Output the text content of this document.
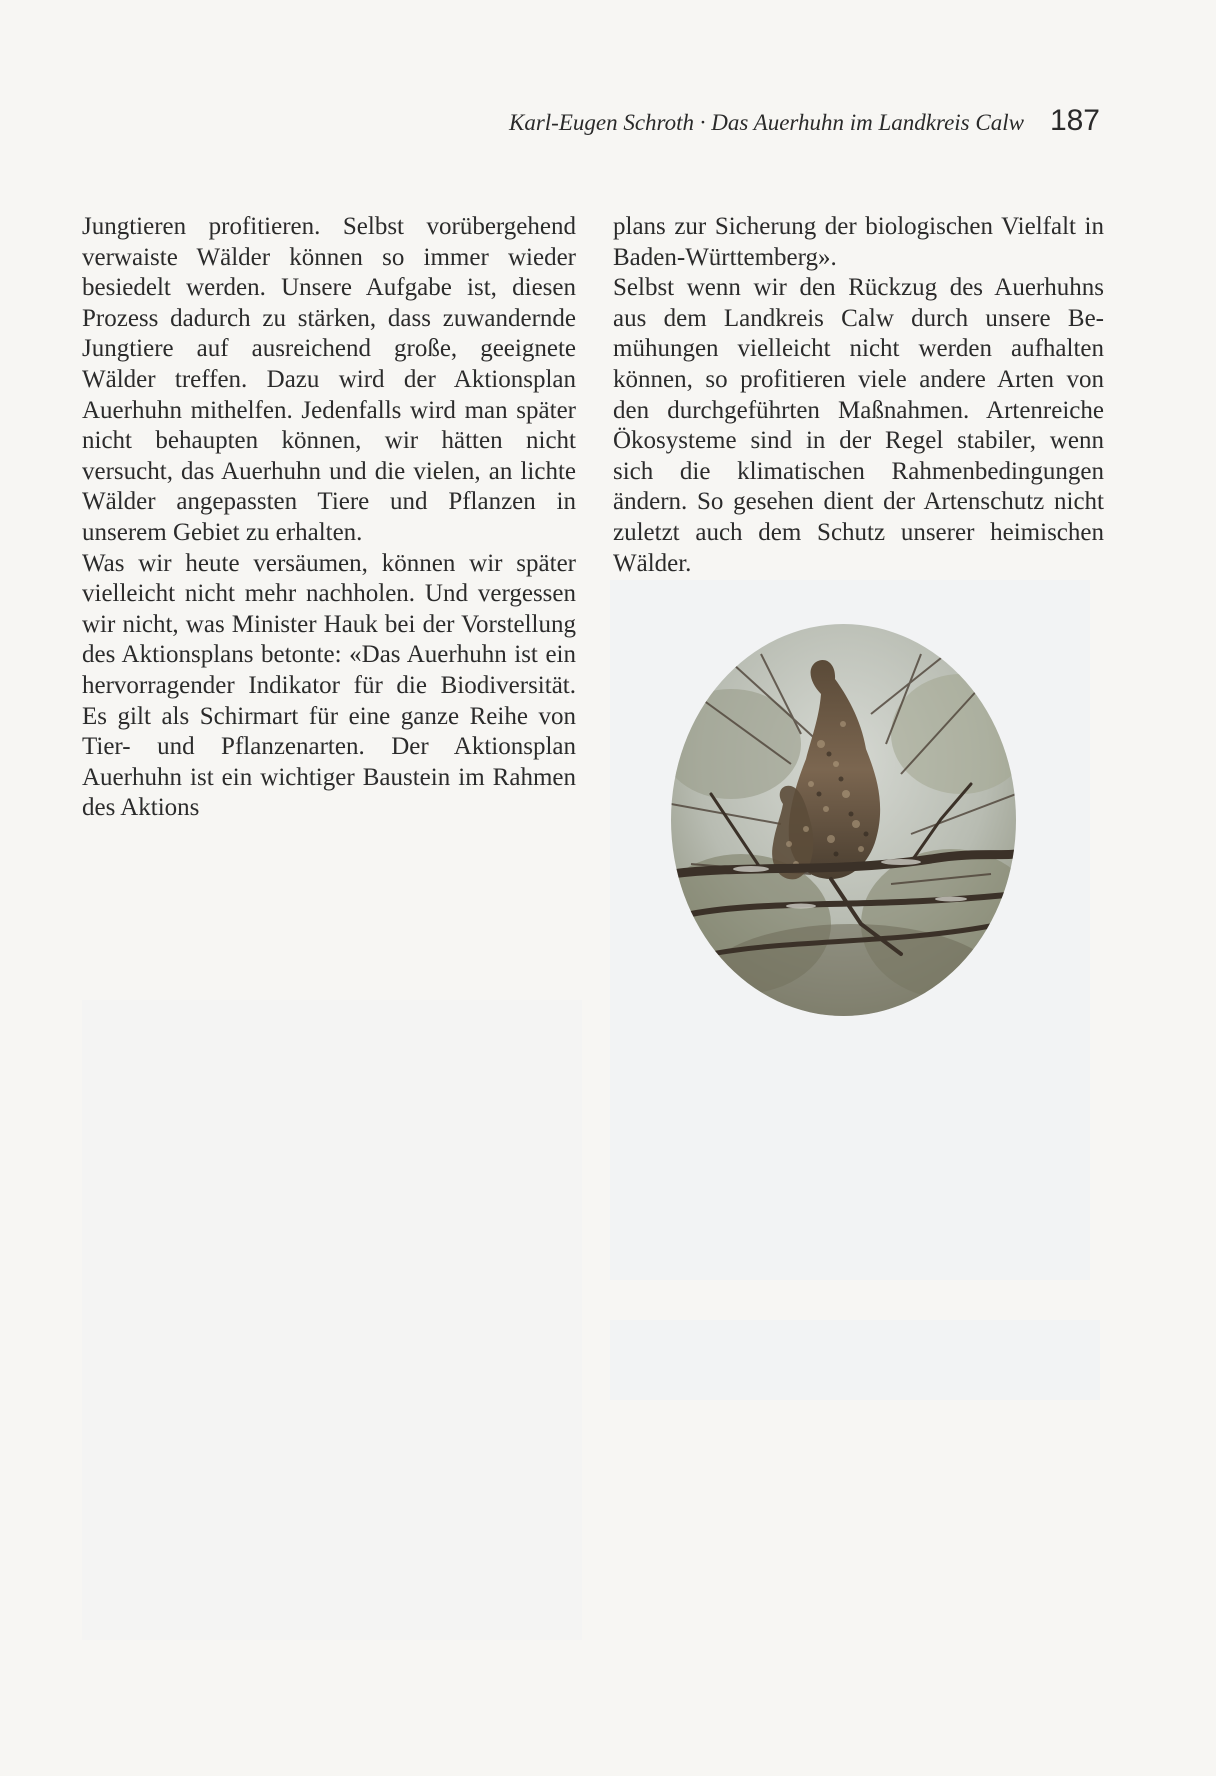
Karl-Eugen Schroth · Das Auerhuhn im Landkreis Calw 187

Jungtieren profitieren. Selbst vorübergehend verwaiste Wälder können so immer wieder besiedelt werden. Unsere Aufgabe ist, diesen Prozess dadurch zu stärken, dass zuwandernde Jungtiere auf ausreichend große, geeignete Wälder treffen. Dazu wird der Aktionsplan Auerhuhn mithelfen. Jedenfalls wird man später nicht behaupten können, wir hätten nicht versucht, das Auerhuhn und die vielen, an lichte Wälder angepassten Tiere und Pflanzen in unserem Gebiet zu erhalten.

Was wir heute versäumen, können wir später vielleicht nicht mehr nachholen. Und vergessen wir nicht, was Minister Hauk bei der Vorstellung des Aktionsplans betonte: «Das Auerhuhn ist ein hervorragender Indikator für die Biodiversität. Es gilt als Schirmart für eine ganze Reihe von Tier- und Pflanzenarten. Der Aktionsplan Auerhuhn ist ein wichtiger Baustein im Rahmen des Aktions

plans zur Sicherung der biologischen Vielfalt in Baden-Württemberg».

Selbst wenn wir den Rückzug des Auerhuhns aus dem Landkreis Calw durch unsere Bemühungen vielleicht nicht werden aufhalten können, so profitieren viele andere Arten von den durchgeführten Maßnahmen. Artenreiche Ökosysteme sind in der Regel stabiler, wenn sich die klimatischen Rahmenbedingungen ändern. So gesehen dient der Artenschutz nicht zuletzt auch dem Schutz unserer heimischen Wälder.
